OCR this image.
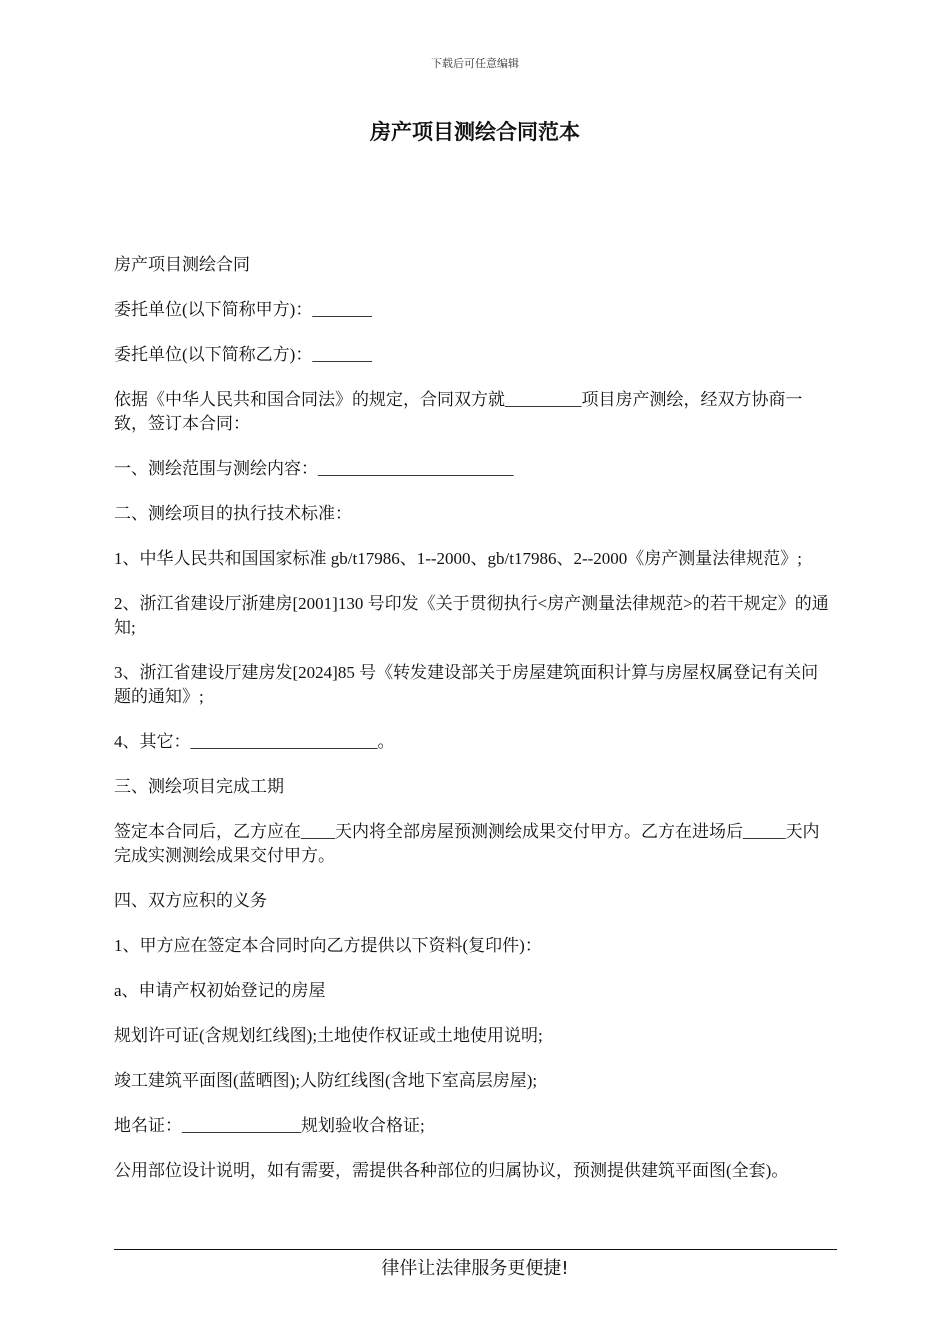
下载后可任意编辑
房产项目测绘合同范本

房产项目测绘合同

委托单位(以下简称甲方)：_______

委托单位(以下简称乙方)：_______

依据《中华人民共和国合同法》的规定，合同双方就_________项目房产测绘，经双方协商一致，签订本合同：

一、测绘范围与测绘内容：_______________________

二、测绘项目的执行技术标准：

1、中华人民共和国国家标准 gb/t17986、1--2000、gb/t17986、2--2000《房产测量法律规范》;

2、浙江省建设厅浙建房[2001]130 号印发《关于贯彻执行<房产测量法律规范>的若干规定》的通知;

3、浙江省建设厅建房发[2024]85 号《转发建设部关于房屋建筑面积计算与房屋权属登记有关问题的通知》;

4、其它：______________________。

三、测绘项目完成工期

签定本合同后，乙方应在____天内将全部房屋预测测绘成果交付甲方。乙方在进场后_____天内完成实测测绘成果交付甲方。

四、双方应积的义务

1、甲方应在签定本合同时向乙方提供以下资料(复印件)：

a、申请产权初始登记的房屋

规划许可证(含规划红线图);土地使作权证或土地使用说明;

竣工建筑平面图(蓝晒图);人防红线图(含地下室高层房屋);

地名证：______________规划验收合格证;

公用部位设计说明，如有需要，需提供各种部位的归属协议，预测提供建筑平面图(全套)。

律伴让法律服务更便捷!
